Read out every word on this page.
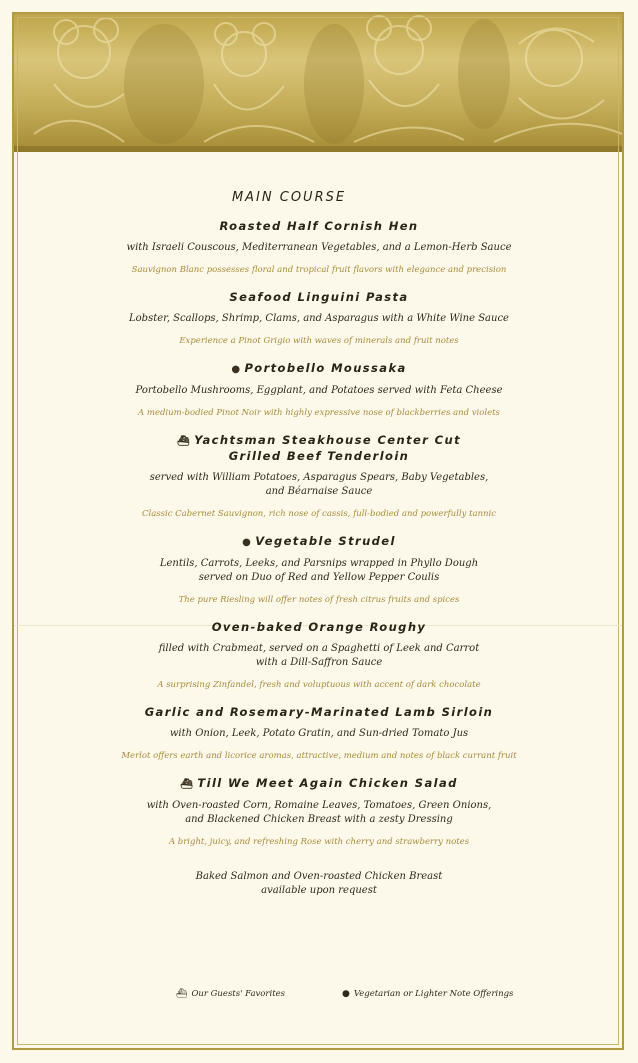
MAIN COURSE
Roasted Half Cornish Hen
with Israeli Couscous, Mediterranean Vegetables, and a Lemon-Herb Sauce
Sauvignon Blanc possesses floral and tropical fruit flavors with elegance and precision
Seafood Linguini Pasta
Lobster, Scallops, Shrimp, Clams, and Asparagus with a White Wine Sauce
Experience a Pinot Grigio with waves of minerals and fruit notes
● Portobello Moussaka
Portobello Mushrooms, Eggplant, and Potatoes served with Feta Cheese
A medium-bodied Pinot Noir with highly expressive nose of blackberries and violets
⛴ Yachtsman Steakhouse Center Cut
Grilled Beef Tenderloin
served with William Potatoes, Asparagus Spears, Baby Vegetables,
and Béarnaise Sauce
Classic Cabernet Sauvignon, rich nose of cassis, full-bodied and powerfully tannic
● Vegetable Strudel
Lentils, Carrots, Leeks, and Parsnips wrapped in Phyllo Dough
served on Duo of Red and Yellow Pepper Coulis
The pure Riesling will offer notes of fresh citrus fruits and spices
Oven-baked Orange Roughy
filled with Crabmeat, served on a Spaghetti of Leek and Carrot
with a Dill-Saffron Sauce
A surprising Zinfandel, fresh and voluptuous with accent of dark chocolate
Garlic and Rosemary-Marinated Lamb Sirloin
with Onion, Leek, Potato Gratin, and Sun-dried Tomato Jus
Merlot offers earth and licorice aromas, attractive, medium and notes of black currant fruit
⛴ Till We Meet Again Chicken Salad
with Oven-roasted Corn, Romaine Leaves, Tomatoes, Green Onions,
and Blackened Chicken Breast with a zesty Dressing
A bright, juicy, and refreshing Rose with cherry and strawberry notes
Baked Salmon and Oven-roasted Chicken Breast
available upon request
⛴ Our Guests' Favorites	● Vegetarian or Lighter Note Offerings
